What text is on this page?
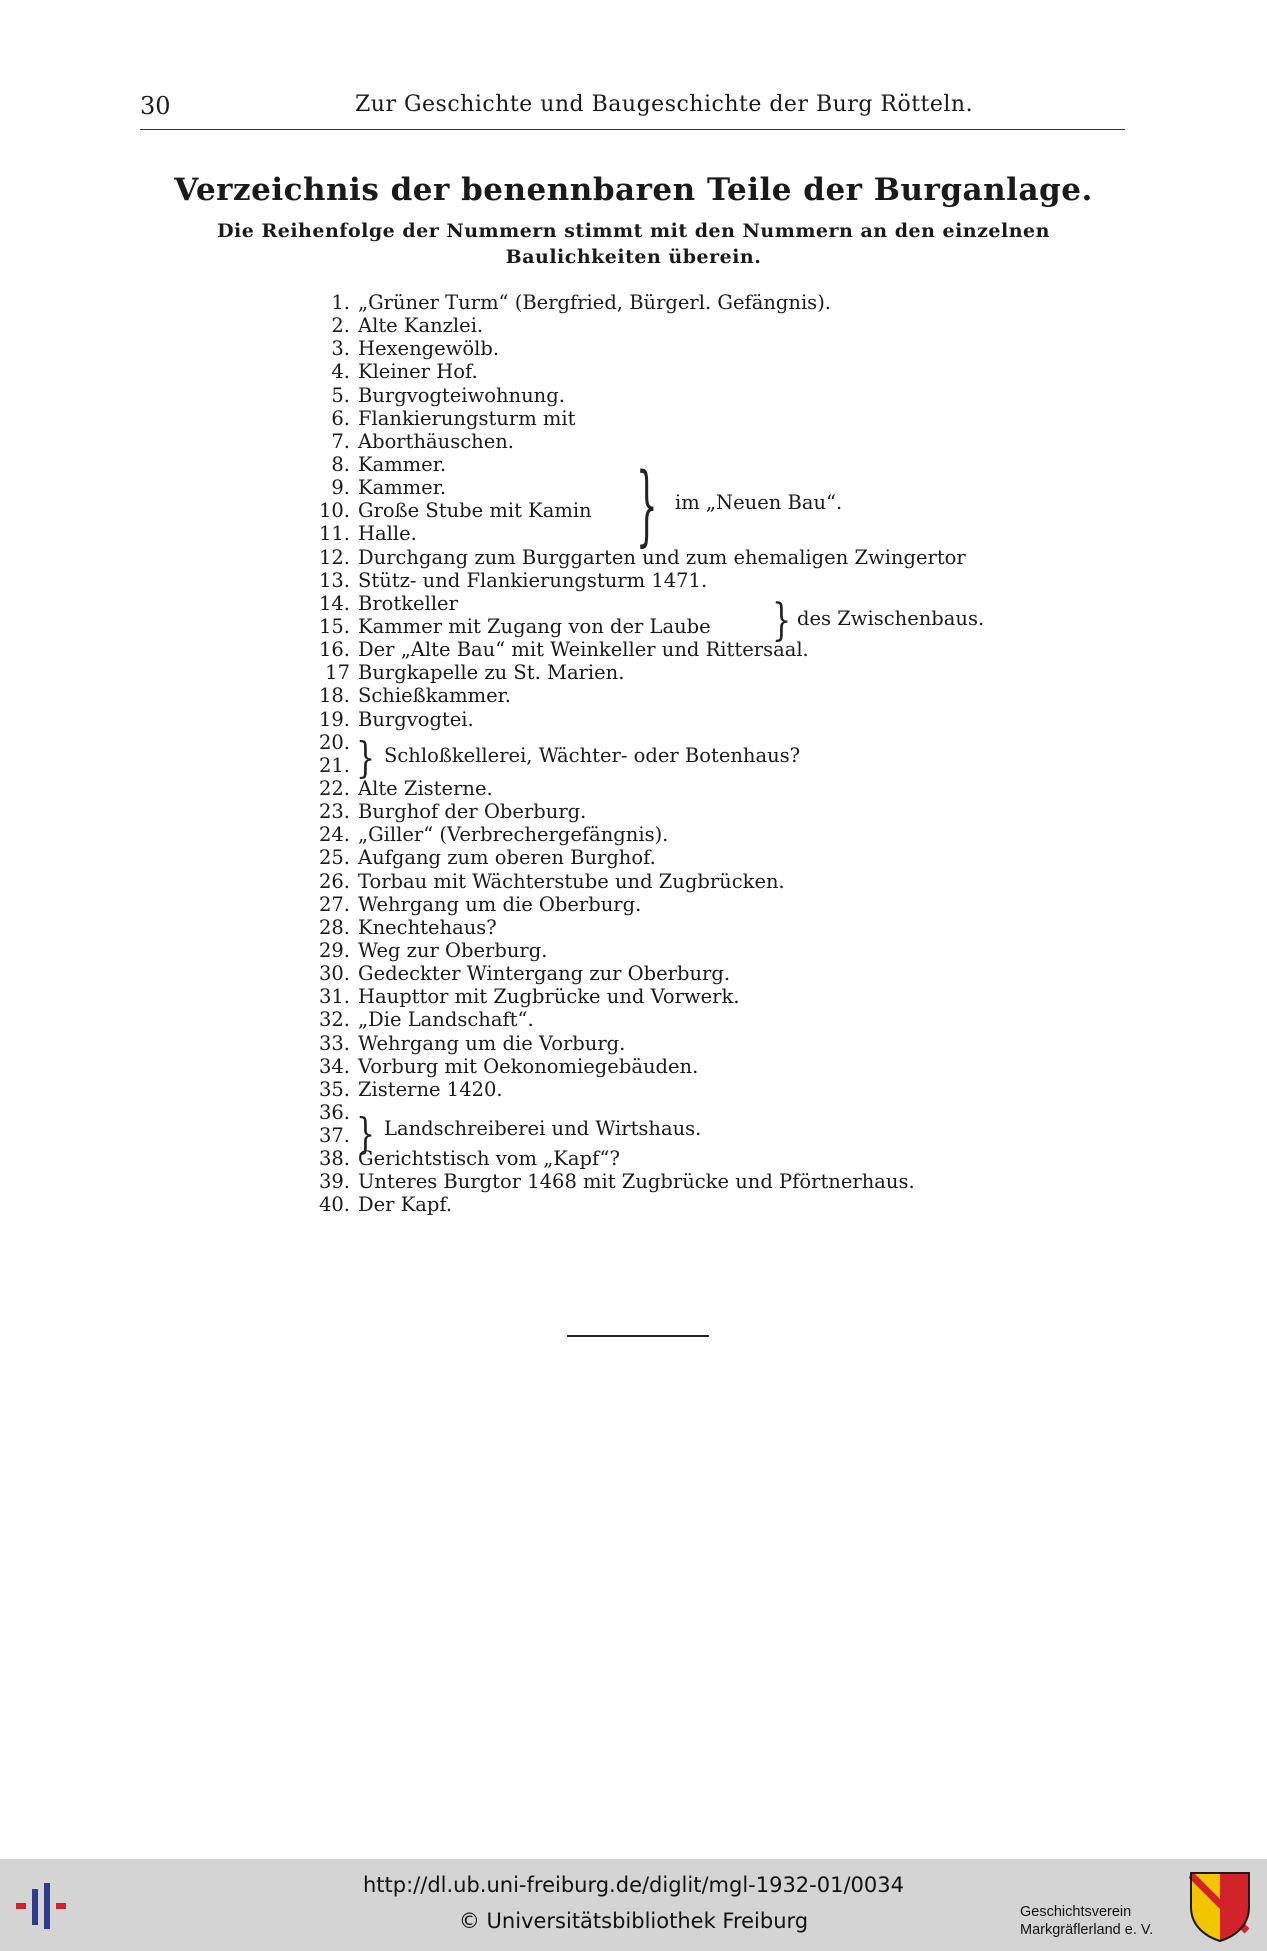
30	Zur Geschichte und Baugeschichte der Burg Rötteln.
Verzeichnis der benennbaren Teile der Burganlage.
Die Reihenfolge der Nummern stimmt mit den Nummern an den einzelnen
Baulichkeiten überein.
1. „Grüner Turm“ (Bergfried, Bürgerl. Gefängnis).
2. Alte Kanzlei.
3. Hexengewölb.
4. Kleiner Hof.
5. Burgvogteiwohnung.
6. Flankierungsturm mit
7. Aborthäuschen.
8. Kammer.
9. Kammer.
10. Große Stube mit Kamin
11. Halle.
12. Durchgang zum Burggarten und zum ehemaligen Zwingertor
13. Stütz- und Flankierungsturm 1471.
14. Brotkeller
15. Kammer mit Zugang von der Laube
16. Der „Alte Bau“ mit Weinkeller und Rittersaal.
17 Burgkapelle zu St. Marien.
18. Schießkammer.
19. Burgvogtei.
20.
21.
22. Alte Zisterne.
23. Burghof der Oberburg.
24. „Giller“ (Verbrechergefängnis).
25. Aufgang zum oberen Burghof.
26. Torbau mit Wächterstube und Zugbrücken.
27. Wehrgang um die Oberburg.
28. Knechtehaus?
29. Weg zur Oberburg.
30. Gedeckter Wintergang zur Oberburg.
31. Haupttor mit Zugbrücke und Vorwerk.
32. „Die Landschaft“.
33. Wehrgang um die Vorburg.
34. Vorburg mit Oekonomiegebäuden.
35. Zisterne 1420.
36.
37.
38. Gerichtstisch vom „Kapf“?
39. Unteres Burgtor 1468 mit Zugbrücke und Pförtnerhaus.
40. Der Kapf.
} im „Neuen Bau“.
} des Zwischenbaus.
} Schloßkellerei, Wächter- oder Botenhaus?
} Landschreiberei und Wirtshaus.
http://dl.ub.uni-freiburg.de/diglit/mgl-1932-01/0034
© Universitätsbibliothek Freiburg	Geschichtsverein
Markgräflerland e. V.
